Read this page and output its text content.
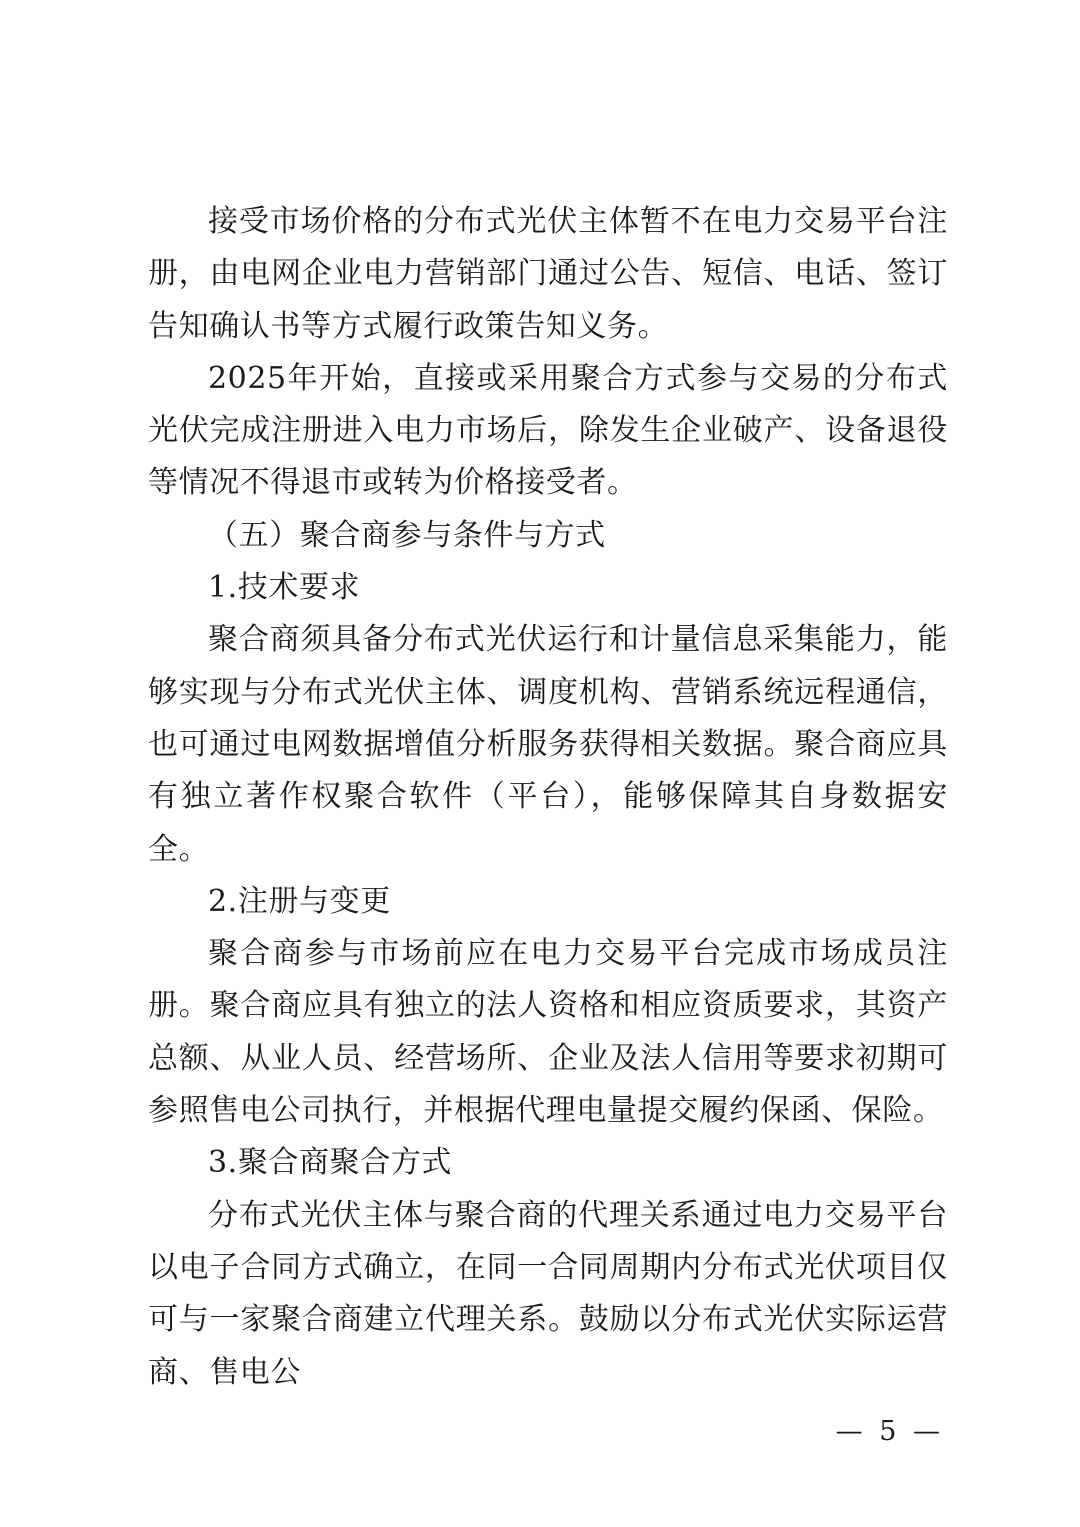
接受市场价格的分布式光伏主体暂不在电力交易平台注册，由电网企业电力营销部门通过公告、短信、电话、签订告知确认书等方式履行政策告知义务。

2025年开始，直接或采用聚合方式参与交易的分布式光伏完成注册进入电力市场后，除发生企业破产、设备退役等情况不得退市或转为价格接受者。

（五）聚合商参与条件与方式

1.技术要求

聚合商须具备分布式光伏运行和计量信息采集能力，能够实现与分布式光伏主体、调度机构、营销系统远程通信，也可通过电网数据增值分析服务获得相关数据。聚合商应具有独立著作权聚合软件（平台），能够保障其自身数据安全。

2.注册与变更

聚合商参与市场前应在电力交易平台完成市场成员注册。聚合商应具有独立的法人资格和相应资质要求，其资产总额、从业人员、经营场所、企业及法人信用等要求初期可参照售电公司执行，并根据代理电量提交履约保函、保险。

3.聚合商聚合方式

分布式光伏主体与聚合商的代理关系通过电力交易平台以电子合同方式确立，在同一合同周期内分布式光伏项目仅可与一家聚合商建立代理关系。鼓励以分布式光伏实际运营商、售电公

— 5 —
